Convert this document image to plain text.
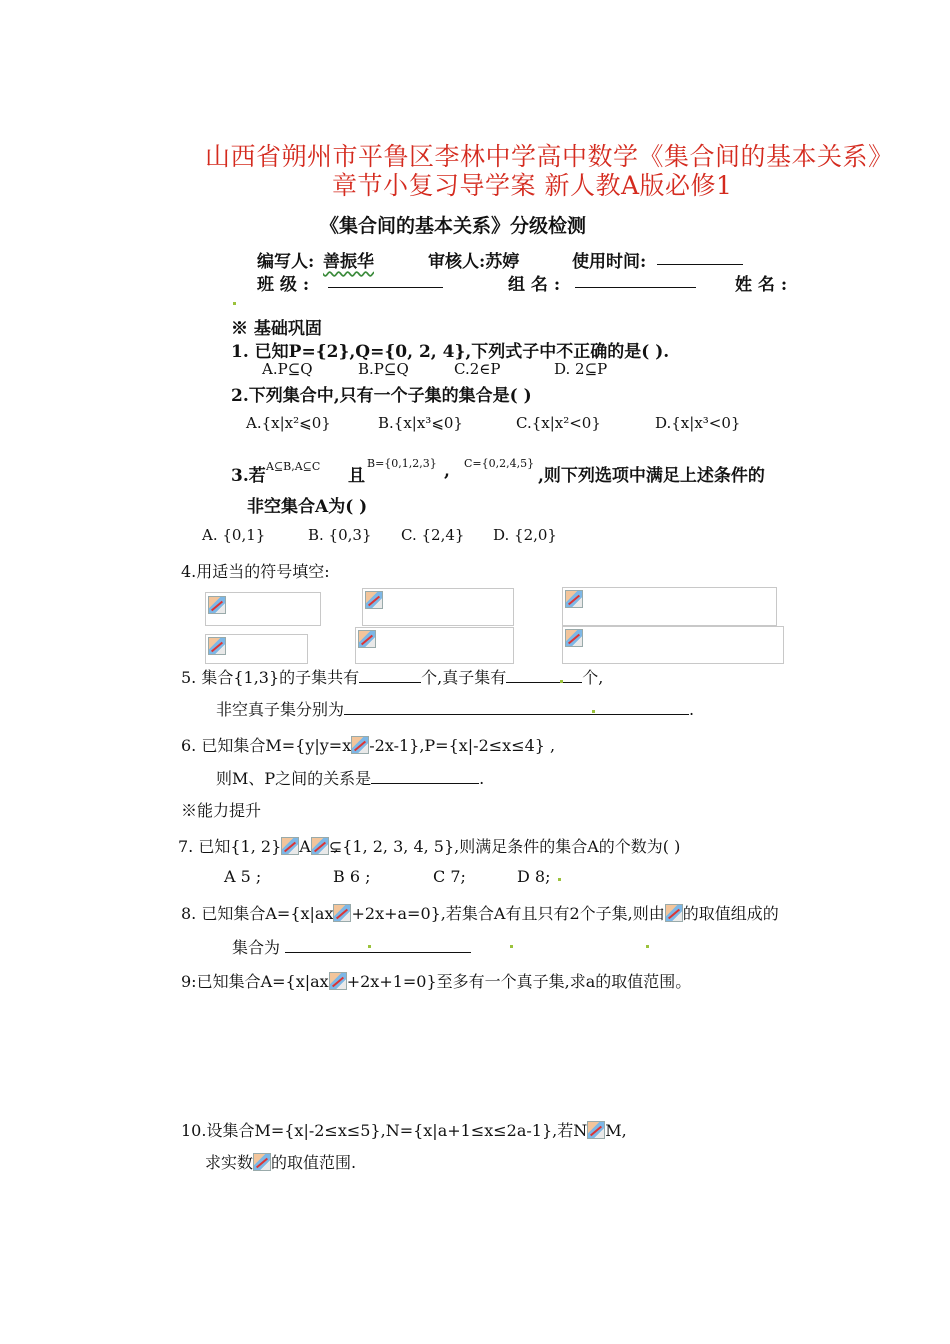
山西省朔州市平鲁区李林中学高中数学《集合间的基本关系》
章节小复习导学案 新人教A版必修1
《集合间的基本关系》分级检测
编写人: 善振华	审核人:苏婷	使用时间:
班 级 :	组 名 :	姓 名 :
※ 基础巩固
1. 已知P={2},Q={0, 2, 4},下列式子中不正确的是( ).
A.P⊆Q	B.P⊆Q	C.2∈P	D. 2⊆P
2.下列集合中,只有一个子集的集合是( )
A.{x|x²⩽0}	B.{x|x³⩽0}	C.{x|x²<0}	D.{x|x³<0}
3.若 A⊆B,A⊆C 且
B={0,1,2,3} , C={0,2,4,5}
,则下列选项中满足上述条件的
非空集合A为( )
A. {0,1}	B. {0,3} C. {2,4} D. {2,0}
4.用适当的符号填空:
5. 集合{1,3}的子集共有	个,真子集有	个,
非空真子集分别为	.
6. 已知集合M={y|y=x -2x-1},P={x|-2≤x≤4} ,
则M、P之间的关系是	.
※能力提升
7. 已知{1, 2} A ⊊{1, 2, 3, 4, 5},则满足条件的集合A的个数为( )
A 5 ;	B 6 ;	C 7;	D 8;
8. 已知集合A={x|ax +2x+a=0},若集合A有且只有2个子集,则由 的取值组成的
集合为
9:已知集合A={x|ax +2x+1=0}至多有一个真子集,求a的取值范围。
10.设集合M={x|-2≤x≤5},N={x|a+1≤x≤2a-1},若N M,
求实数 的取值范围.
